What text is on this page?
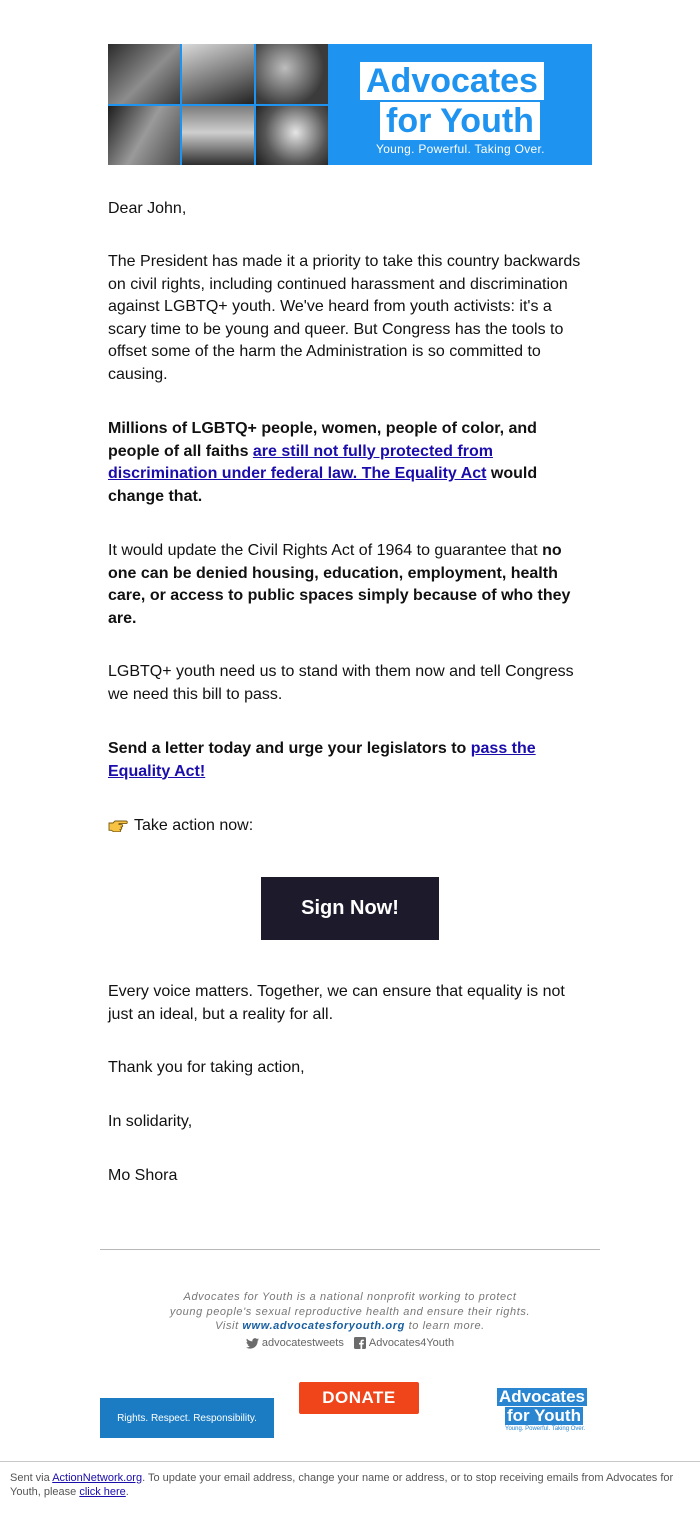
Advocates
for Youth
Young. Powerful. Taking Over.

Dear John,

The President has made it a priority to take this country backwards on civil rights, including continued harassment and discrimination against LGBTQ+ youth. We've heard from youth activists: it's a scary time to be young and queer. But Congress has the tools to offset some of the harm the Administration is so committed to causing.

Millions of LGBTQ+ people, women, people of color, and people of all faiths are still not fully protected from discrimination under federal law. The Equality Act would change that.

It would update the Civil Rights Act of 1964 to guarantee that no one can be denied housing, education, employment, health care, or access to public spaces simply because of who they are.

LGBTQ+ youth need us to stand with them now and tell Congress we need this bill to pass.

Send a letter today and urge your legislators to pass the Equality Act!

Take action now:

Sign Now!

Every voice matters. Together, we can ensure that equality is not just an ideal, but a reality for all.

Thank you for taking action,

In solidarity,

Mo Shora

Advocates for Youth is a national nonprofit working to protect
young people's sexual reproductive health and ensure their rights.
Visit www.advocatesforyouth.org to learn more.
advocatestweets Advocates4Youth
Rights. Respect. Responsibility.
DONATE	Advocates
for Youth
Young. Powerful. Taking Over.
Sent via ActionNetwork.org. To update your email address, change your name or address, or to stop receiving emails from Advocates for Youth, please click here.
